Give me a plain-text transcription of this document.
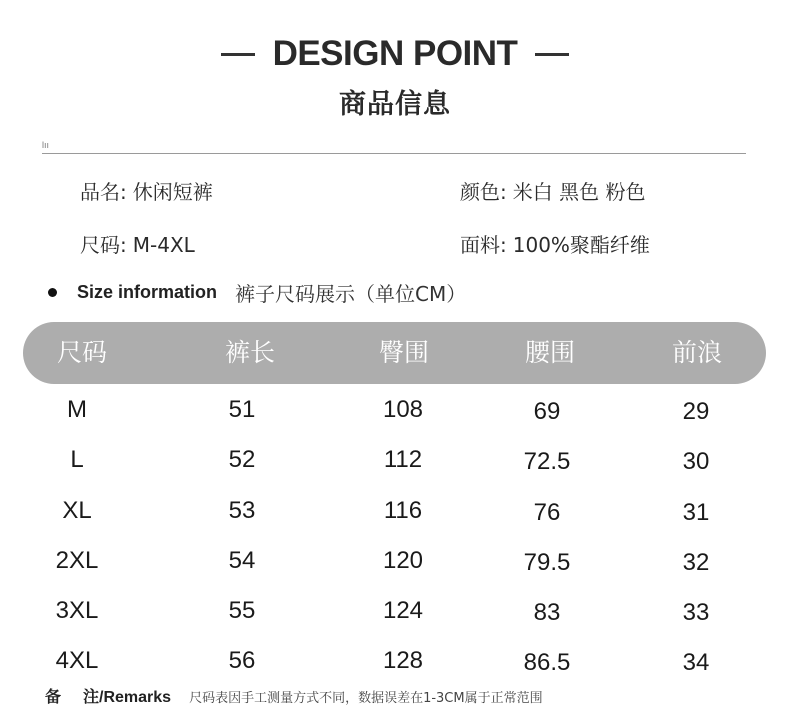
DESIGN POINT
商品信息
lıı
品名: 休闲短裤	颜色: 米白 黑色 粉色
尺码: M-4XL	面料: 100%聚酯纤维
Size information 裤子尺码展示（单位CM）
尺码	裤长	臀围	腰围	前浪
M	51	108	69	29
L	52	112	72.5	30
XL	53	116	76	31
2XL	54	120	79.5	32
3XL	55	124	83	33
4XL	56	128	86.5	34
备 注/Remarks 尺码表因手工测量方式不同，数据误差在1-3CM属于正常范围
